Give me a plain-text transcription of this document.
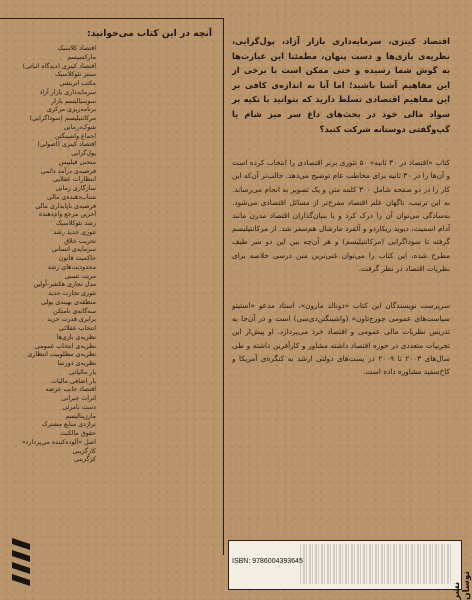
آنچه در این کتاب می‌خوانید:
اقتصاد کلاسیک
مارکسیسم
اقتصاد کینزی (دیدگاه اثباتی)
سنتز نئوکلاسیک
مکتب اتریشی
سرمایه‌داری بازار آزاد
سوسیالیسم بازار
برنامه‌ریزی مرکزی
مرکانتیلیسم (سوداگرایی)
شوک‌درمانی
اجماع واشینگتن
اقتصاد کینزی (اصولی)
پول‌گرایی
منحنی فیلیپس
فرضیه‌ی درآمد دائمی
انتظارات عقلایی
سازگاری زمانی
شتاب‌دهنده‌ی مالی
فرضیه‌ی ناپایداری مالی
آخرین مرجع وام‌دهنده
رشد نئوکلاسیک
تئوری جدید رشد
تخریب خلاق
سرمایه‌ی انسانی
حاکمیت قانون
محدودیت‌های رشد
مزیت نسبی
مدل تجاری هکشر-اُولین
تئوری تجارت جدید
منطقه‌ی بهینه‌ی پولی
سه‌گانه‌ی نامتکن
برابری قدرت خرید
انتخاب عقلائی
نظریه‌ی بازی‌ها
نظریه‌ی انتخاب عمومی
نظریه‌ی مطلوبیت انتظاری
نظریه‌ی دورنما
بار مالیاتی
بار اضافی مالیات
اقتصاد جانب عرضه
اثرات جبرانی
دست نامرئی
مارژینالیسم
تراژدی منابع مشترک
حقوق مالکیت
اصل «آلوده‌کننده می‌پردازد»
کارگزینی
کژگزینی

اقتصاد کینزی، سرمایه‌داری بازار آزاد، پول‌گرایی، نظریه‌ی بازی‌ها و دست پنهان، مطمئنا این عبارت‌ها به گوش شما رسیده و حتی ممکن است با برخی از این مفاهیم آشنا باشید؛ اما آیا به اندازه‌ی کافی بر این مفاهیم اقتصادی تسلط دارید که بتوانید با تکیه بر سواد مالی خود در بحث‌های داغ سر میز شام یا گپ‌وگفتی دوستانه شرکت کنید؟

کتاب «اقتصاد در ۳۰ ثانیه» ۵۰ تئوری برتر اقتصادی را انتخاب کرده است و آن‌ها را در ۳۰ ثانیه برای مخاطب عام توضیح می‌دهد. جالب‌تر آن‌که این کار را در دو صفحه شامل ۳۰۰ کلمه متن و یک تصویر به انجام می‌رساند. به این ترتیب، ناگهان علم اقتصاد مفرح‌تر از مسائل اقتصادی می‌شود. به‌سادگی می‌توان آن را درک کرد و با بنیان‌گذاران اقتصاد مدرن مانند آدام اسمیت، دیوید ریکاردو و آلفرد مارشال هم‌سفر شد. از مرکانتیلیسم گرفته تا سوداگرایی (مرکانتیلیسم) و هر آن‌چه بین این دو سر طیف مطرح شده، این کتاب را می‌توان غنی‌ترین متن درسی خلاصه برای نظریات اقتصاد در نظر گرفت.

سرپرست نویسندگان این کتاب «دونالد مارون»، استاد مدعو «استیتو سیاست‌های عمومی جورج‌تاون» (واشینگتن‌دی‌سی) است و در آن‌جا به تدریس نظریات مالی عمومی و اقتصاد خرد می‌پردازد. او پیش‌از این تجربیات متعددی در حوزه اقتصاد داشته مشاور و کارآفرین داشته و طی سال‌های ۲۰۰۳ تا ۲۰۰۹ در پست‌های دولتی ارشد به کنگره‌ی آمریکا و کاخ‌سفید مشاوره داده است.

ISBN: 9786004393645
نشر نوسان
